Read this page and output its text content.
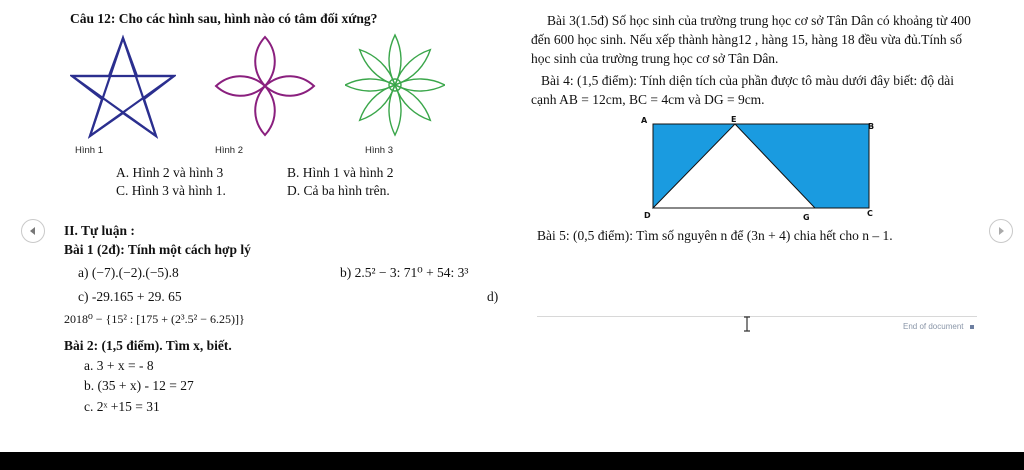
Câu 12: Cho các hình sau, hình nào có tâm đối xứng?
Hình 1	Hình 2	Hình 3
A. Hình 2 và hình 3	B. Hình 1 và hình 2
C. Hình 3 và hình 1.	D. Cả ba hình trên.
II. Tự luận :
Bài 1 (2đ): Tính một cách hợp lý
a) (−7).(−2).(−5).8	b) 2.5² − 3: 71⁰ + 54: 3³
c) -29.165 + 29. 65	d)
2018⁰ − {15² : [175 + (2³.5² − 6.25)]}
Bài 2: (1,5 điểm). Tìm x, biết.
a. 3 + x = - 8
b. (35 + x) - 12 = 27
c. 2ˣ +15 = 31
Bài 3(1.5đ) Số học sinh của trường trung học cơ sở Tân Dân có khoảng từ 400 đến 600 học sinh. Nếu xếp thành hàng12 , hàng 15, hàng 18 đều vừa đủ.Tính số học sinh của trường trung học cơ sở Tân Dân.
Bài 4: (1,5 điểm): Tính diện tích của phần được tô màu dưới đây biết: độ dài cạnh AB = 12cm, BC = 4cm và DG = 9cm.
A	E
B
D	G	C
Bài 5: (0,5 điểm): Tìm số nguyên n để (3n + 4) chia hết cho n – 1.
End of document
